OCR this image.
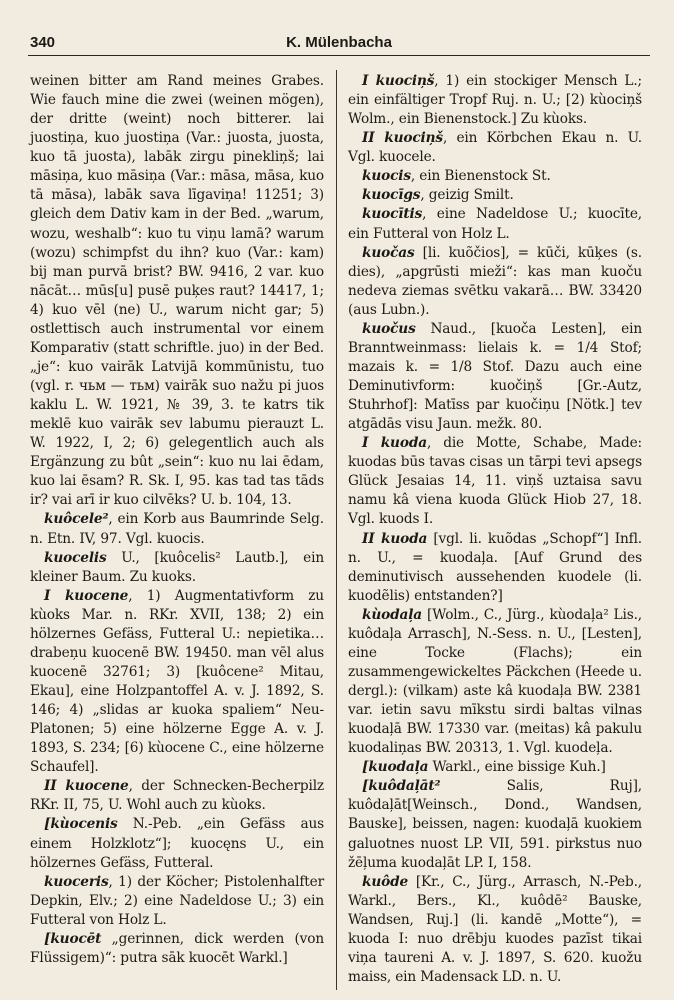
340	K. Mülenbacha

weinen bitter am Rand meines Grabes. Wie fauch mine die zwei (weinen mögen), der dritte (weint) noch bitterer. lai juostiņa, kuo juostiņa (Var.: juosta, juosta, kuo tā juosta), labāk zirgu pinekliņš; lai māsiņa, kuo māsiņa (Var.: māsa, māsa, kuo tā māsa), labāk sava līgaviņa! 11251; 3) gleich dem Dativ kam in der Bed. „warum, wozu, weshalb“: kuo tu viņu lamā? warum (wozu) schimpfst du ihn? kuo (Var.: kam) bij man purvā brist? BW. 9416, 2 var. kuo nācāt… mūs[u] pusē puķes raut? 14417, 1; 4) kuo vēl (ne) U., warum nicht gar; 5) ostlettisch auch instrumental vor einem Komparativ (statt schriftle. juo) in der Bed. „je“: kuo vairāk Latvijā kommūnistu, tuo (vgl. r. чьм — тьм) vairāk suo nažu pi juos kaklu L. W. 1921, № 39, 3. te katrs tik meklē kuo vairāk sev labumu pierauzt L. W. 1922, I, 2; 6) gelegentlich auch als Ergänzung zu bût „sein“: kuo nu lai ēdam, kuo lai ēsam? R. Sk. I, 95. kas tad tas tāds ir? vai arī ir kuo cilvēks? U. b. 104, 13.

kuôcele², ein Korb aus Baumrinde Selg. n. Etn. IV, 97. Vgl. kuocis.

kuocelis U., [kuôcelis² Lautb.], ein kleiner Baum. Zu kuoks.

I kuocene, 1) Augmentativform zu kùoks Mar. n. RKr. XVII, 138; 2) ein hölzernes Gefäss, Futteral U.: nepietika… drabeņu kuocenē BW. 19450. man vēl alus kuocenē 32761; 3) [kuôcene² Mitau, Ekau], eine Holzpantoffel A. v. J. 1892, S. 146; 4) „slidas ar kuoka spaliem“ Neu-Platonen; 5) eine hölzerne Egge A. v. J. 1893, S. 234; [6) kùocene C., eine hölzerne Schaufel].

II kuocene, der Schnecken-Becherpilz RKr. II, 75, U. Wohl auch zu kùoks.

[kùocenis N.-Peb. „ein Gefäss aus einem Holzklotz“]; kuocęns U., ein hölzernes Gefäss, Futteral.

kuoceris, 1) der Köcher; Pistolenhalfter Depkin, Elv.; 2) eine Nadeldose U.; 3) ein Futteral von Holz L.

[kuocēt „gerinnen, dick werden (von Flüssigem)“: putra sāk kuocēt Warkl.]

I kuociņš, 1) ein stockiger Mensch L.; ein einfältiger Tropf Ruj. n. U.; [2) kùociņš Wolm., ein Bienenstock.] Zu kùoks.

II kuociņš, ein Körbchen Ekau n. U. Vgl. kuocele.

kuocis, ein Bienenstock St.

kuocīgs, geizig Smilt.

kuocītis, eine Nadeldose U.; kuocīte, ein Futteral von Holz L.

kuočas [li. kuõčios], = kūči, kūķes (s. dies), „apgrūsti mieži“: kas man kuoču nedeva ziemas svētku vakarā… BW. 33420 (aus Lubn.).

kuočus Naud., [kuoča Lesten], ein Branntweinmass: lielais k. = 1/4 Stof; mazais k. = 1/8 Stof. Dazu auch eine Deminutivform: kuočiņš [Gr.-Autz, Stuhrhof]: Matīss par kuočiņu [Nötk.] tev atgādās visu Jaun. mežk. 80.

I kuoda, die Motte, Schabe, Made: kuodas būs tavas cisas un tārpi tevi apsegs Glück Jesaias 14, 11. viņš uztaisa savu namu kâ viena kuoda Glück Hiob 27, 18. Vgl. kuods I.

II kuoda [vgl. li. kuõdas „Schopf“] Infl. n. U., = kuodaļa. [Auf Grund des deminutivisch aussehenden kuodele (li. kuodẽlis) entstanden?]

kùodaļa [Wolm., C., Jürg., kùodaļa² Lis., kuôdaļa Arrasch], N.-Sess. n. U., [Lesten], eine Tocke (Flachs); ein zusammengewickeltes Päckchen (Heede u. dergl.): (vilkam) aste kâ kuodaļa BW. 2381 var. ietin savu mīkstu sirdi baltas vilnas kuodaļā BW. 17330 var. (meitas) kâ pakulu kuodaliņas BW. 20313, 1. Vgl. kuodeļa.

[kuodaļa Warkl., eine bissige Kuh.]

[kuôdaļāt² Salis, Ruj], kuôdaļāt[Weinsch., Dond., Wandsen, Bauske], beissen, nagen: kuodaļā kuokiem galuotnes nuost LP. VII, 591. pirkstus nuo žēļuma kuodaļāt LP. I, 158.

kuôde [Kr., C., Jürg., Arrasch, N.-Peb., Warkl., Bers., Kl., kuôdē² Bauske, Wandsen, Ruj.] (li. kandē „Motte“), = kuoda I: nuo drēbju kuodes pazīst tikai viņa taureni A. v. J. 1897, S. 620. kuožu maiss, ein Madensack LD. n. U.
